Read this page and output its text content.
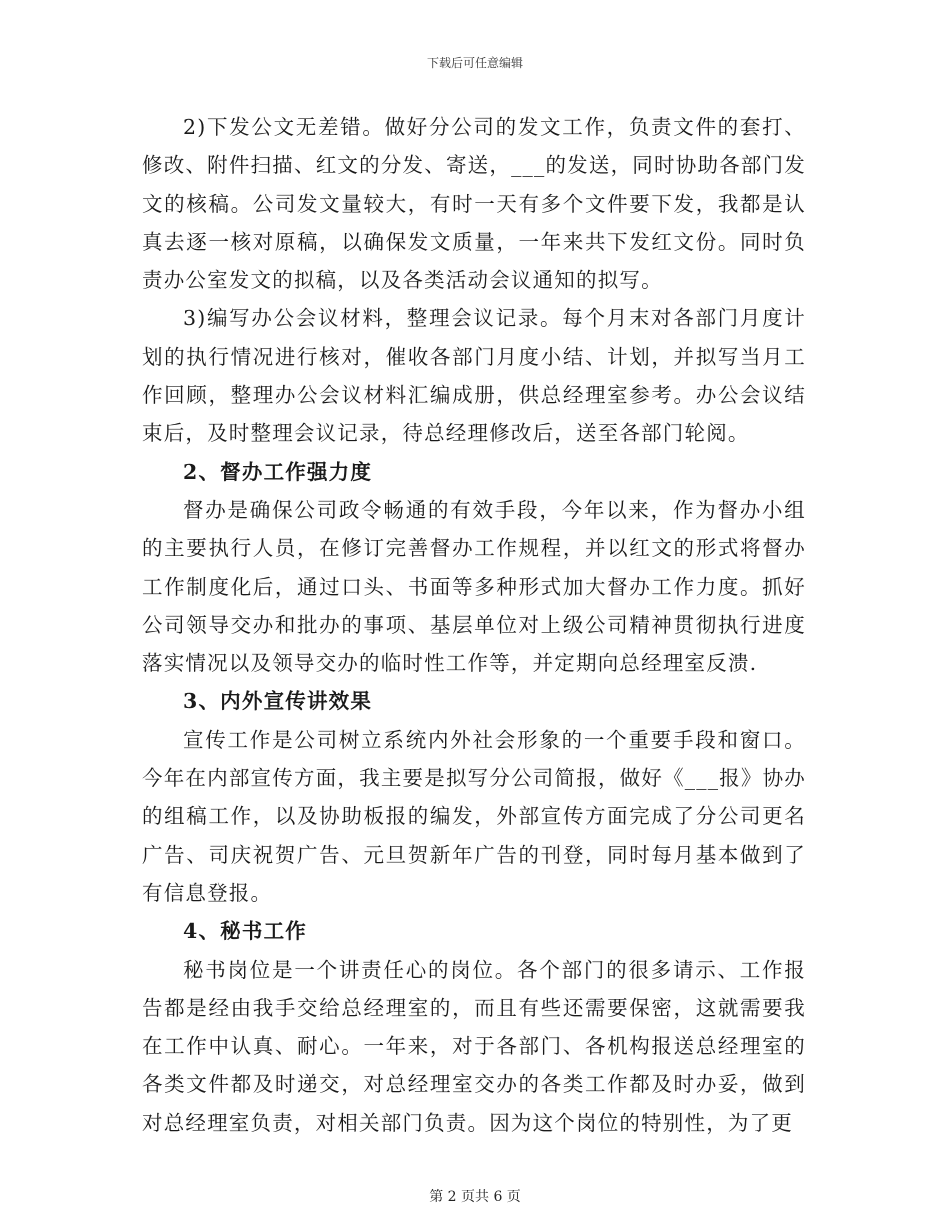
下载后可任意编辑

2)下发公文无差错。做好分公司的发文工作，负责文件的套打、修改、附件扫描、红文的分发、寄送，___的发送，同时协助各部门发文的核稿。公司发文量较大，有时一天有多个文件要下发，我都是认真去逐一核对原稿，以确保发文质量，一年来共下发红文份。同时负责办公室发文的拟稿，以及各类活动会议通知的拟写。

3)编写办公会议材料，整理会议记录。每个月末对各部门月度计划的执行情况进行核对，催收各部门月度小结、计划，并拟写当月工作回顾，整理办公会议材料汇编成册，供总经理室参考。办公会议结束后，及时整理会议记录，待总经理修改后，送至各部门轮阅。

2、督办工作强力度

督办是确保公司政令畅通的有效手段，今年以来，作为督办小组的主要执行人员，在修订完善督办工作规程，并以红文的形式将督办工作制度化后，通过口头、书面等多种形式加大督办工作力度。抓好公司领导交办和批办的事项、基层单位对上级公司精神贯彻执行进度落实情况以及领导交办的临时性工作等，并定期向总经理室反溃.

3、内外宣传讲效果

宣传工作是公司树立系统内外社会形象的一个重要手段和窗口。今年在内部宣传方面，我主要是拟写分公司简报，做好《___报》协办的组稿工作，以及协助板报的编发，外部宣传方面完成了分公司更名广告、司庆祝贺广告、元旦贺新年广告的刊登，同时每月基本做到了有信息登报。

4、秘书工作

秘书岗位是一个讲责任心的岗位。各个部门的很多请示、工作报告都是经由我手交给总经理室的，而且有些还需要保密，这就需要我在工作中认真、耐心。一年来，对于各部门、各机构报送总经理室的各类文件都及时递交，对总经理室交办的各类工作都及时办妥，做到对总经理室负责，对相关部门负责。因为这个岗位的特别性，为了更

第 2 页共 6 页
